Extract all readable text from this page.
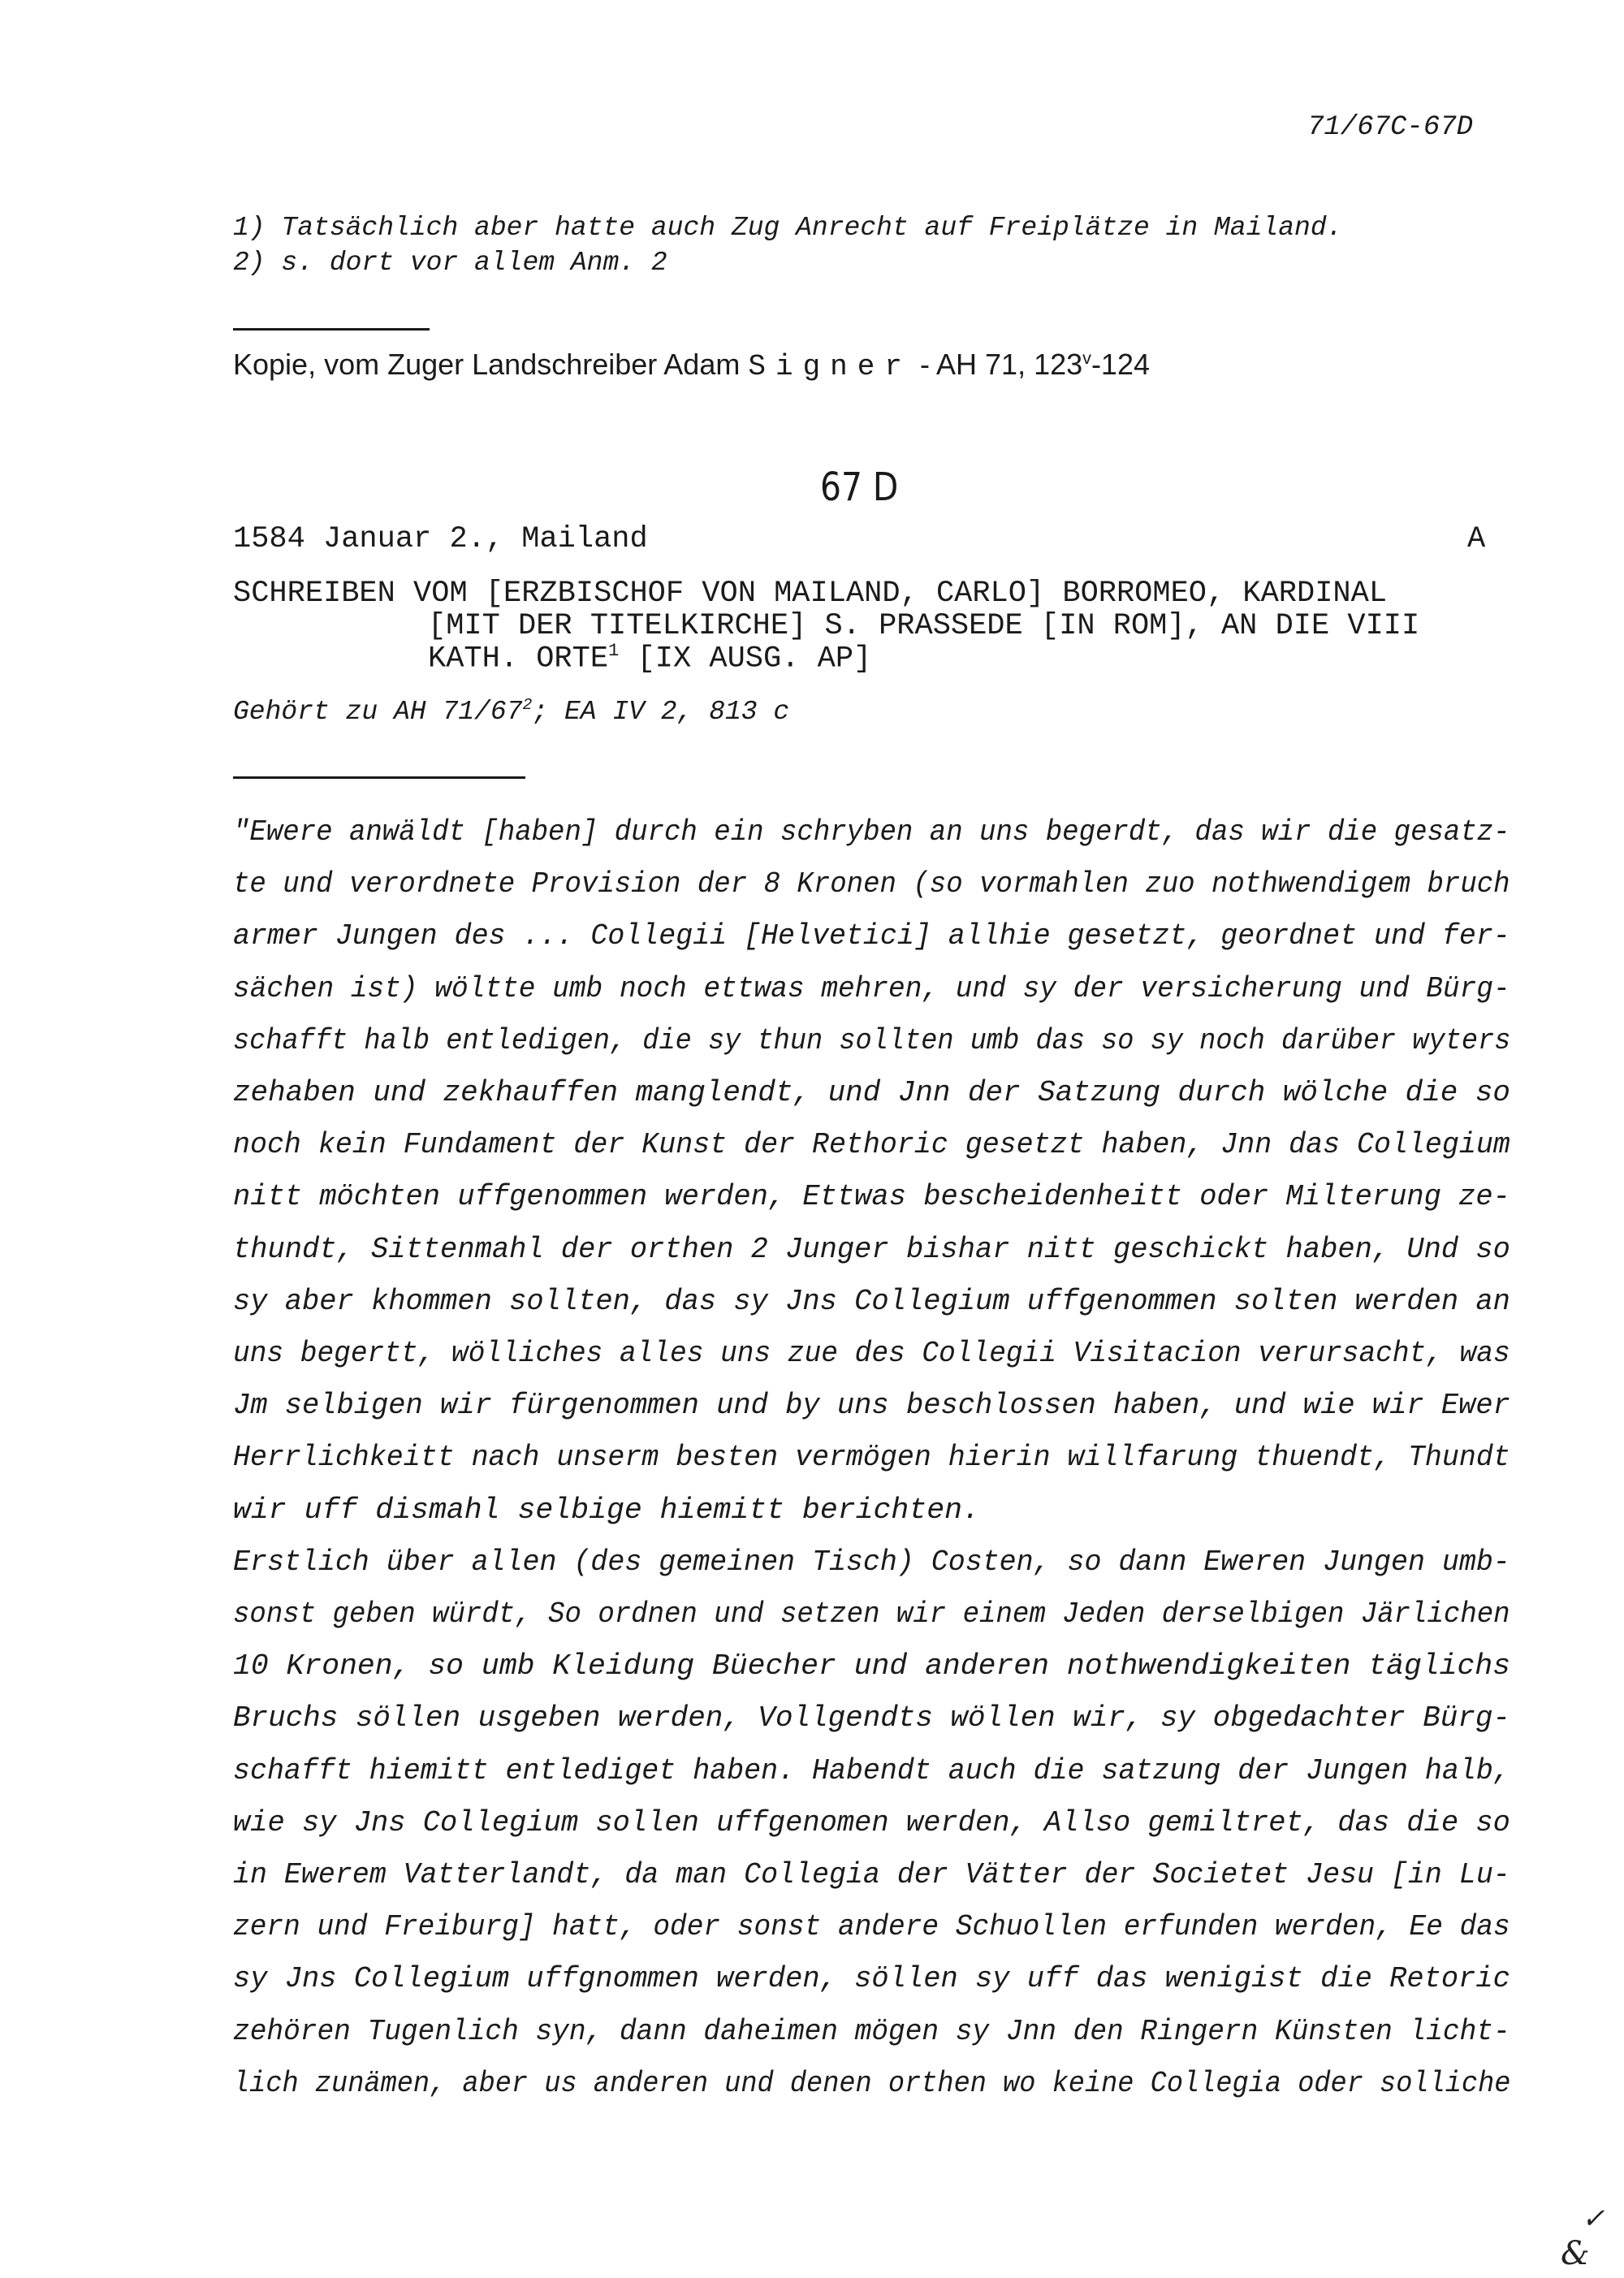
71/67C-67D
1) Tatsächlich aber hatte auch Zug Anrecht auf Freiplätze in Mailand.
2) s. dort vor allem Anm. 2
Kopie, vom Zuger Landschreiber Adam Signer - AH 71, 123$^v$-124
67 D
1584 Januar 2., Mailand	A
SCHREIBEN VOM [ERZBISCHOF VON MAILAND, CARLO] BORROMEO, KARDINAL
[MIT DER TITELKIRCHE] S. PRASSEDE [IN ROM], AN DIE VIII
KATH. ORTE$^1$ [IX AUSG. AP]
Gehört zu AH $71/67^2$; EA IV 2, 813 c
"Ewere anwäldt [haben] durch ein schryben an uns begerdt, das wir die gesatz-
te und verordnete Provision der 8 Kronen (so vormahlen zuo nothwendigem bruch
armer Jungen des ... Collegii [Helvetici] allhie gesetzt, geordnet und fer-
sächen ist) wöltte umb noch ettwas mehren, und sy der versicherung und Bürg-
schafft halb entledigen, die sy thun sollten umb das so sy noch darüber wyters
zehaben und zekhauffen manglendt, und Jnn der Satzung durch wölche die so
noch kein Fundament der Kunst der Rethoric gesetzt haben, Jnn das Collegium
nitt möchten uffgenommen werden, Ettwas bescheidenheitt oder Milterung ze-
thundt, Sittenmahl der orthen 2 Junger bishar nitt geschickt haben, Und so
sy aber khommen sollten, das sy Jns Collegium uffgenommen solten werden an
uns begertt, wölliches alles uns zue des Collegii Visitacion verursacht, was
Jm selbigen wir fürgenommen und by uns beschlossen haben, und wie wir Ewer
Herrlichkeitt nach unserm besten vermögen hierin willfarung thuendt, Thundt
wir uff dismahl selbige hiemitt berichten.
Erstlich über allen (des gemeinen Tisch) Costen, so dann Eweren Jungen umb-
sonst geben würdt, So ordnen und setzen wir einem Jeden derselbigen Järlichen
10 Kronen, so umb Kleidung Büecher und anderen nothwendigkeiten täglichs
Bruchs söllen usgeben werden, Vollgendts wöllen wir, sy obgedachter Bürg-
schafft hiemitt entlediget haben. Habendt auch die satzung der Jungen halb,
wie sy Jns Collegium sollen uffgenomen werden, Allso gemiltret, das die so
in Ewerem Vatterlandt, da man Collegia der Vätter der Societet Jesu [in Lu-
zern und Freiburg] hatt, oder sonst andere Schuollen erfunden werden, Ee das
sy Jns Collegium uffgnommen werden, söllen sy uff das wenigist die Retoric
zehören Tugenlich syn, dann daheimen mögen sy Jnn den Ringern Künsten licht-
lich zunämen, aber us anderen und denen orthen wo keine Collegia oder solliche
✓
&
